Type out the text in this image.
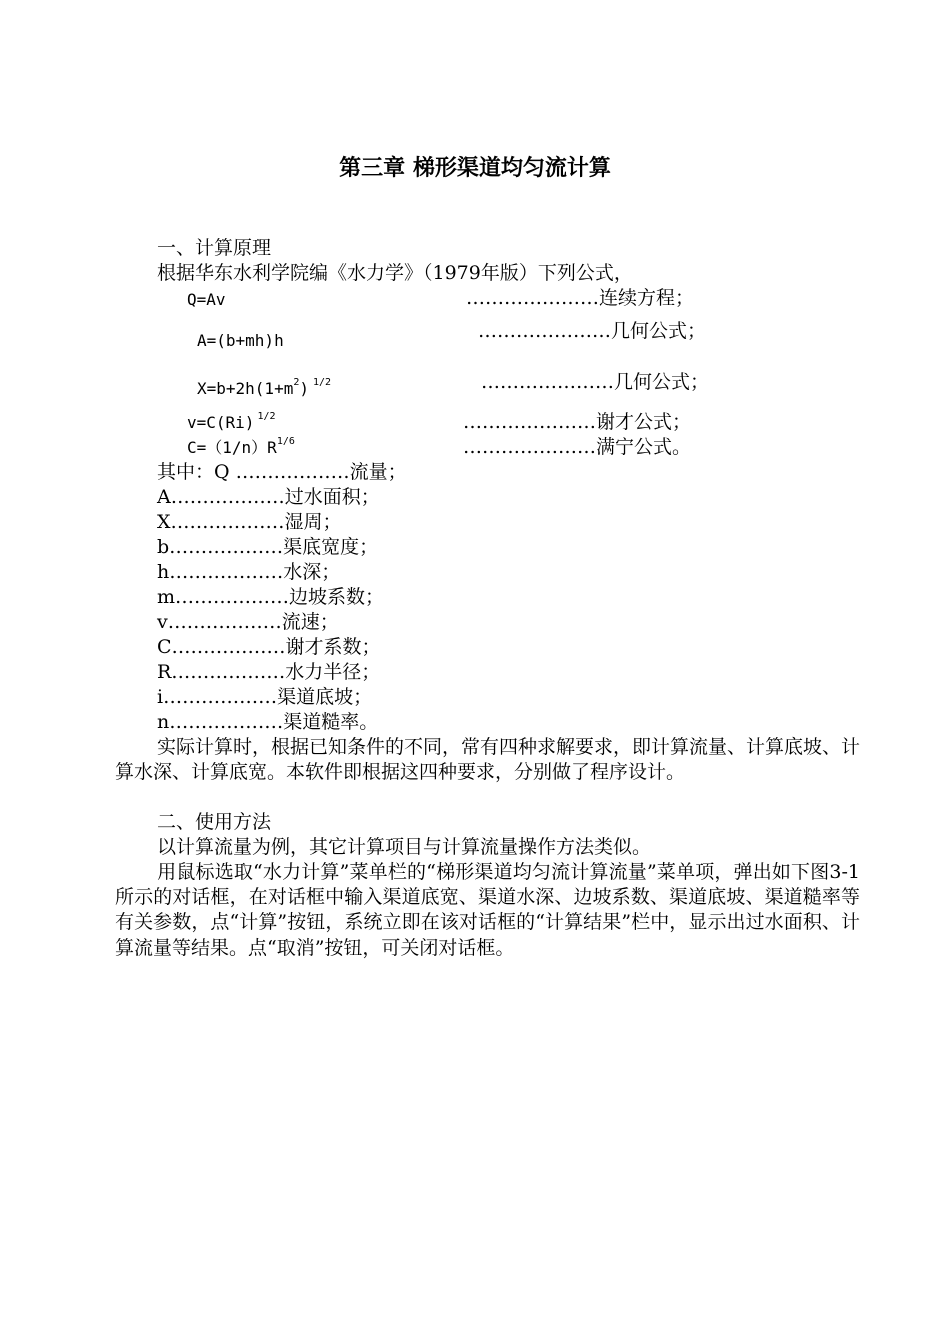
第三章 梯形渠道均匀流计算
一、计算原理
根据华东水利学院编《水力学》（1979年版）下列公式，
Q=Av	…………………连续方程；
A=(b+mh)h	…………………几何公式；
$X=b+2h(1+m^2)$ $^{1/2}$	…………………几何公式；
v=C(Ri) $^{1/2}$	…………………谢才公式；
$C=(1/n)R^{1/6}$	…………………满宁公式。
其中：Q ………………流量；
A………………过水面积；
X………………湿周；
b………………渠底宽度；
h………………水深；
m………………边坡系数；
v………………流速；
C………………谢才系数；
R………………水力半径；
i………………渠道底坡；
n………………渠道糙率。
实际计算时，根据已知条件的不同，常有四种求解要求，即计算流量、计算底坡、计算水深、计算底宽。本软件即根据这四种要求，分别做了程序设计。
二、使用方法
以计算流量为例，其它计算项目与计算流量操作方法类似。
用鼠标选取“水力计算”菜单栏的“梯形渠道均匀流计算流量”菜单项，弹出如下图3-1所示的对话框，在对话框中输入渠道底宽、渠道水深、边坡系数、渠道底坡、渠道糙率等有关参数，点“计算”按钮，系统立即在该对话框的“计算结果”栏中，显示出过水面积、计算流量等结果。点“取消”按钮，可关闭对话框。
